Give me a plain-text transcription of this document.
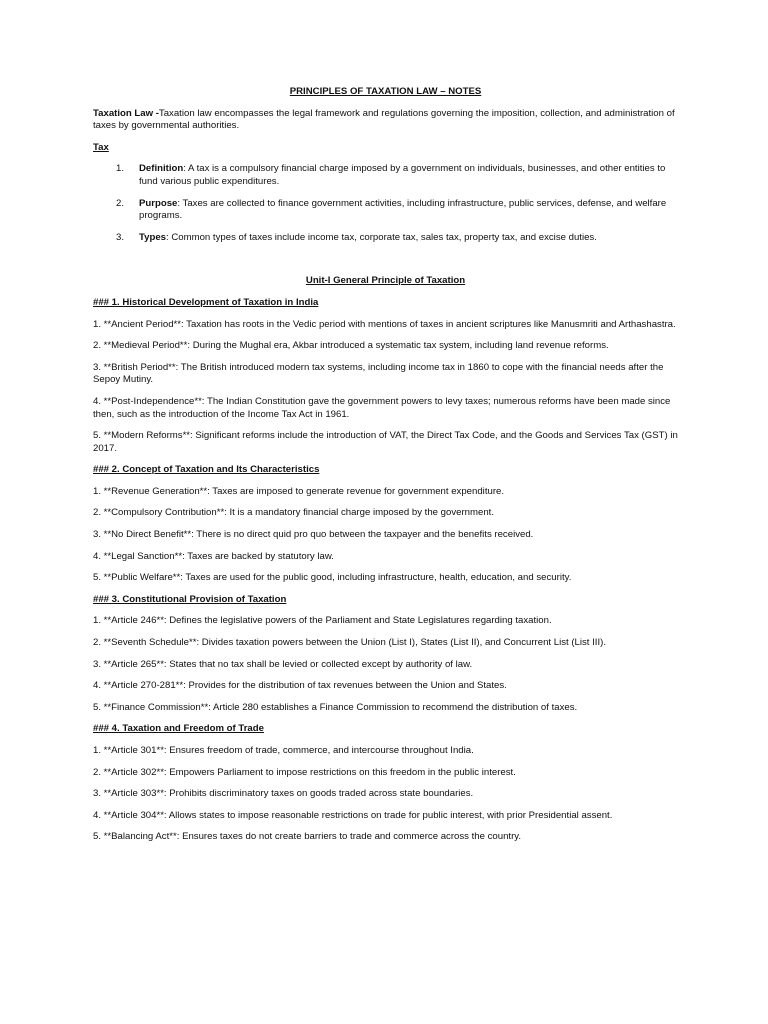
PRINCIPLES OF TAXATION LAW – NOTES

Taxation Law -Taxation law encompasses the legal framework and regulations governing the imposition, collection, and administration of taxes by governmental authorities.

Tax

1. Definition: A tax is a compulsory financial charge imposed by a government on individuals, businesses, and other entities to fund various public expenditures.
2. Purpose: Taxes are collected to finance government activities, including infrastructure, public services, defense, and welfare programs.
3. Types: Common types of taxes include income tax, corporate tax, sales tax, property tax, and excise duties.
Unit-I General Principle of Taxation
### 1. Historical Development of Taxation in India

1. **Ancient Period**: Taxation has roots in the Vedic period with mentions of taxes in ancient scriptures like Manusmriti and Arthashastra.

2. **Medieval Period**: During the Mughal era, Akbar introduced a systematic tax system, including land revenue reforms.

3. **British Period**: The British introduced modern tax systems, including income tax in 1860 to cope with the financial needs after the Sepoy Mutiny.

4. **Post-Independence**: The Indian Constitution gave the government powers to levy taxes; numerous reforms have been made since then, such as the introduction of the Income Tax Act in 1961.

5. **Modern Reforms**: Significant reforms include the introduction of VAT, the Direct Tax Code, and the Goods and Services Tax (GST) in 2017.

### 2. Concept of Taxation and Its Characteristics

1. **Revenue Generation**: Taxes are imposed to generate revenue for government expenditure.

2. **Compulsory Contribution**: It is a mandatory financial charge imposed by the government.

3. **No Direct Benefit**: There is no direct quid pro quo between the taxpayer and the benefits received.

4. **Legal Sanction**: Taxes are backed by statutory law.

5. **Public Welfare**: Taxes are used for the public good, including infrastructure, health, education, and security.

### 3. Constitutional Provision of Taxation

1. **Article 246**: Defines the legislative powers of the Parliament and State Legislatures regarding taxation.

2. **Seventh Schedule**: Divides taxation powers between the Union (List I), States (List II), and Concurrent List (List III).

3. **Article 265**: States that no tax shall be levied or collected except by authority of law.

4. **Article 270-281**: Provides for the distribution of tax revenues between the Union and States.

5. **Finance Commission**: Article 280 establishes a Finance Commission to recommend the distribution of taxes.

### 4. Taxation and Freedom of Trade

1. **Article 301**: Ensures freedom of trade, commerce, and intercourse throughout India.

2. **Article 302**: Empowers Parliament to impose restrictions on this freedom in the public interest.

3. **Article 303**: Prohibits discriminatory taxes on goods traded across state boundaries.

4. **Article 304**: Allows states to impose reasonable restrictions on trade for public interest, with prior Presidential assent.

5. **Balancing Act**: Ensures taxes do not create barriers to trade and commerce across the country.
